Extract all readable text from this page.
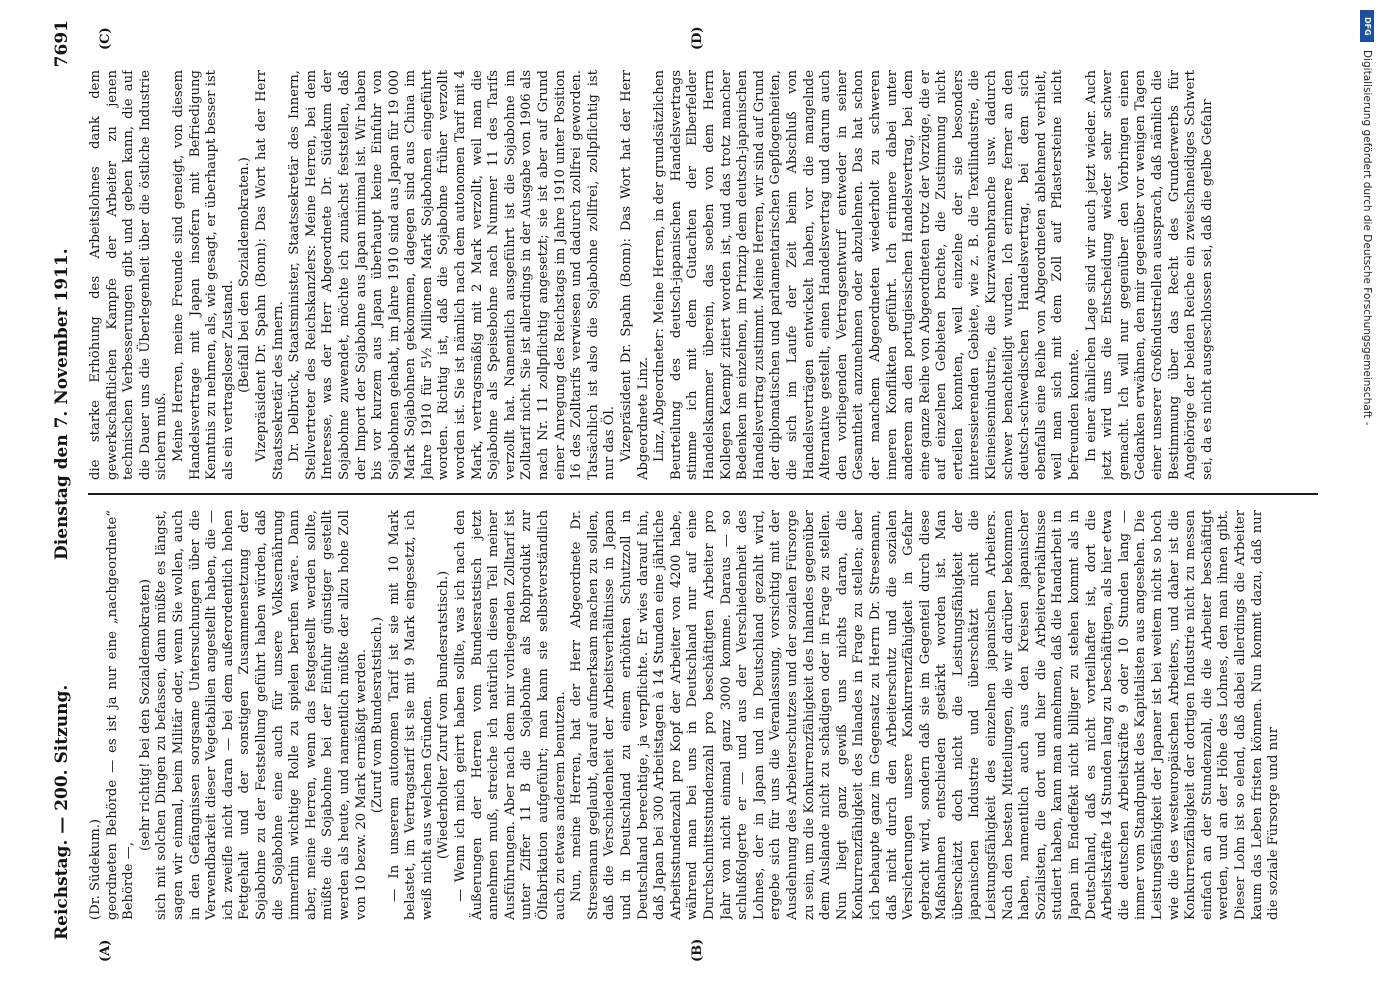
Reichstag. — 200. Sitzung.
Dienstag den 7. November 1911.
7691
(A)	(B)
(C)	(D)

(Dr. Südekum.) geordneten Behörde — es ist ja nur eine „nachgeordnete“ Behörde —,

(sehr richtig! bei den Sozialdemokraten) sich mit solchen Dingen zu befassen, dann müßte es längst, sagen wir einmal, beim Militär oder, wenn Sie wollen, auch in den Gefängnissen sorgsame Untersuchungen über die Verwendbarkeit dieser Vegetabilien angestellt haben, die — ich zweifle nicht daran — bei dem außerordentlich hohen Fettgehalt und der sonstigen Zusammensetzung der Sojabohne zu der Feststellung geführt haben würden, daß die Sojabohne eine auch für unsere Volksernährung immerhin wichtige Rolle zu spielen berufen wäre. Dann aber, meine Herren, wenn das festgestellt werden sollte, müßte die Sojabohne bei der Einfuhr günstiger gestellt werden als heute, und namentlich müßte der allzu hohe Zoll von 10 bezw. 20 Mark ermäßigt werden. (Zuruf vom Bundesratstisch.) — In unserem autonomen Tarif ist sie mit 10 Mark belastet, im Vertragstarif ist sie mit 9 Mark eingesetzt, ich weiß nicht aus welchen Gründen. (Wiederholter Zuruf vom Bundesratstisch.) — Wenn ich mich geirrt haben sollte, was ich nach den Äußerungen der Herren vom Bundesratstisch jetzt annehmen muß, streiche ich natürlich diesen Teil meiner Ausführungen. Aber nach dem mir vorliegenden Zolltarif ist unter Ziffer 11 B die Sojabohne als Rohprodukt zur Ölfabrikation aufgeführt; man kann sie selbstverständlich auch zu etwas anderem benutzen. Nun, meine Herren, hat der Herr Abgeordnete Dr. Stresemann geglaubt, darauf aufmerksam machen zu sollen, daß die Verschiedenheit der Arbeitsverhältnisse in Japan und in Deutschland zu einem erhöhten Schutzzoll in Deutschland berechtige, ja verpflichte. Er wies darauf hin, daß Japan bei 300 Arbeitstagen à 14 Stunden eine jährliche Arbeitsstundenzahl pro Kopf der Arbeiter von 4200 habe, während man bei uns in Deutschland nur auf eine Durchschnittsstundenzahl pro beschäftigten Arbeiter pro Jahr von nicht einmal ganz 3000 komme. Daraus — so schlußfolgerte er — und aus der Verschiedenheit des Lohnes, der in Japan und in Deutschland gezahlt wird, ergebe sich für uns die Veranlassung, vorsichtig mit der Ausdehnung des Arbeiterschutzes und der sozialen Fürsorge zu sein, um die Konkurrenzfähigkeit des Inlandes gegenüber dem Auslande nicht zu schädigen oder in Frage zu stellen. Nun liegt ganz gewiß uns nichts daran, die Konkurrenzfähigkeit des Inlandes in Frage zu stellen; aber ich behaupte ganz im Gegensatz zu Herrn Dr. Stresemann, daß nicht durch den Arbeiterschutz und die sozialen Versicherungen unsere Konkurrenzfähigkeit in Gefahr gebracht wird, sondern daß sie im Gegenteil durch diese Maßnahmen entschieden gestärkt worden ist. Man überschätzt doch nicht die Leistungsfähigkeit der japanischen Industrie und überschätzt nicht die Leistungsfähigkeit des einzelnen japanischen Arbeiters. Nach den besten Mitteilungen, die wir darüber bekommen haben, namentlich auch aus den Kreisen japanischer Sozialisten, die dort und hier die Arbeiterverhältnisse studiert haben, kann man annehmen, daß die Handarbeit in Japan im Endeffekt nicht billiger zu stehen kommt als in Deutschland, daß es nicht vorteilhafter ist, dort die Arbeitskräfte 14 Stunden lang zu beschäftigen, als hier etwa die deutschen Arbeitskräfte 9 oder 10 Stunden lang — immer vom Standpunkt des Kapitalisten aus angesehen. Die Leistungsfähigkeit der Japaner ist bei weitem nicht so hoch wie die des westeuropäischen Arbeiters, und daher ist die Konkurrenzfähigkeit der dortigen Industrie nicht zu messen einfach an der Stundenzahl, die die Arbeiter beschäftigt werden, und an der Höhe des Lohnes, den man ihnen gibt. Dieser Lohn ist so elend, daß dabei allerdings die Arbeiter kaum das Leben fristen können. Nun kommt dazu, daß nur die soziale Fürsorge und nur

die starke Erhöhung des Arbeitslohnes dank dem gewerkschaftlichen Kampfe der Arbeiter zu jenen technischen Verbesserungen gibt und geben kann, die auf die Dauer uns die Überlegenheit über die östliche Industrie sichern muß. Meine Herren, meine Freunde sind geneigt, von diesem Handelsvertrage mit Japan insofern mit Befriedigung Kenntnis zu nehmen, als, wie gesagt, er überhaupt besser ist als ein vertragsloser Zustand. (Beifall bei den Sozialdemokraten.) Vizepräsident Dr. Spahn (Bonn): Das Wort hat der Herr Staatssekretär des Innern. Dr. Delbrück, Staatsminister, Staatssekretär des Innern, Stellvertreter des Reichskanzlers: Meine Herren, bei dem Interesse, was der Herr Abgeordnete Dr. Südekum der Sojabohne zuwendet, möchte ich zunächst feststellen, daß der Import der Sojabohne aus Japan minimal ist. Wir haben bis vor kurzem aus Japan überhaupt keine Einfuhr von Sojabohnen gehabt, im Jahre 1910 sind aus Japan für 19 000 Mark Sojabohnen gekommen, dagegen sind aus China im Jahre 1910 für 5½ Millionen Mark Sojabohnen eingeführt worden. Richtig ist, daß die Sojabohne früher verzollt worden ist. Sie ist nämlich nach dem autonomen Tarif mit 4 Mark, vertragsmäßig mit 2 Mark verzollt, weil man die Sojabohne als Speisebohne nach Nummer 11 des Tarifs verzollt hat. Namentlich ausgeführt ist die Sojabohne im Zolltarif nicht. Sie ist allerdings in der Ausgabe von 1906 als nach Nr. 11 zollpflichtig angesetzt; sie ist aber auf Grund einer Anregung des Reichstags im Jahre 1910 unter Position 16 des Zolltarifs verwiesen und dadurch zollfrei geworden. Tatsächlich ist also die Sojabohne zollfrei, zollpflichtig ist nur das Öl. Vizepräsident Dr. Spahn (Bonn): Das Wort hat der Herr Abgeordnete Linz. Linz, Abgeordneter: Meine Herren, in der grundsätzlichen Beurteilung des deutsch-japanischen Handelsvertrags stimme ich mit dem Gutachten der Elberfelder Handelskammer überein, das soeben von dem Herrn Kollegen Kaempf zitiert worden ist, und das trotz mancher Bedenken im einzelnen, im Prinzip dem deutsch-japanischen Handelsvertrag zustimmt. Meine Herren, wir sind auf Grund der diplomatischen und parlamentarischen Gepflogenheiten, die sich im Laufe der Zeit beim Abschluß von Handelsverträgen entwickelt haben, vor die mangelnde Alternative gestellt, einen Handelsvertrag und darum auch den vorliegenden Vertragsentwurf entweder in seiner Gesamtheit anzunehmen oder abzulehnen. Das hat schon der manchem Abgeordneten wiederholt zu schweren inneren Konflikten geführt. Ich erinnere dabei unter anderem an den portugiesischen Handelsvertrag, bei dem eine ganze Reihe von Abgeordneten trotz der Vorzüge, die er auf einzelnen Gebieten brachte, die Zustimmung nicht erteilen konnten, weil einzelne der sie besonders interessierenden Gebiete, wie z. B. die Textilindustrie, die Kleineisenindustrie, die Kurzwarenbranche usw. dadurch schwer benachteiligt wurden. Ich erinnere ferner an den deutsch-schwedischen Handelsvertrag, bei dem sich ebenfalls eine Reihe von Abgeordneten ablehnend verhielt, weil man sich mit dem Zoll auf Pflastersteine nicht befreunden konnte. In einer ähnlichen Lage sind wir auch jetzt wieder. Auch jetzt wird uns die Entscheidung wieder sehr schwer gemacht. Ich will nur gegenüber den Vorbringen einen Gedanken erwähnen, den mir gegenüber vor wenigen Tagen einer unserer Großindustriellen aussprach, daß nämlich die Bestimmung über das Recht des Grunderwerbs für Angehörige der beiden Reiche ein zweischneidiges Schwert sei, da es nicht ausgeschlossen sei, daß die gelbe Gefahr

DFG
Digitalisierung gefördert durch die Deutsche Forschungsgemeinschaft -
